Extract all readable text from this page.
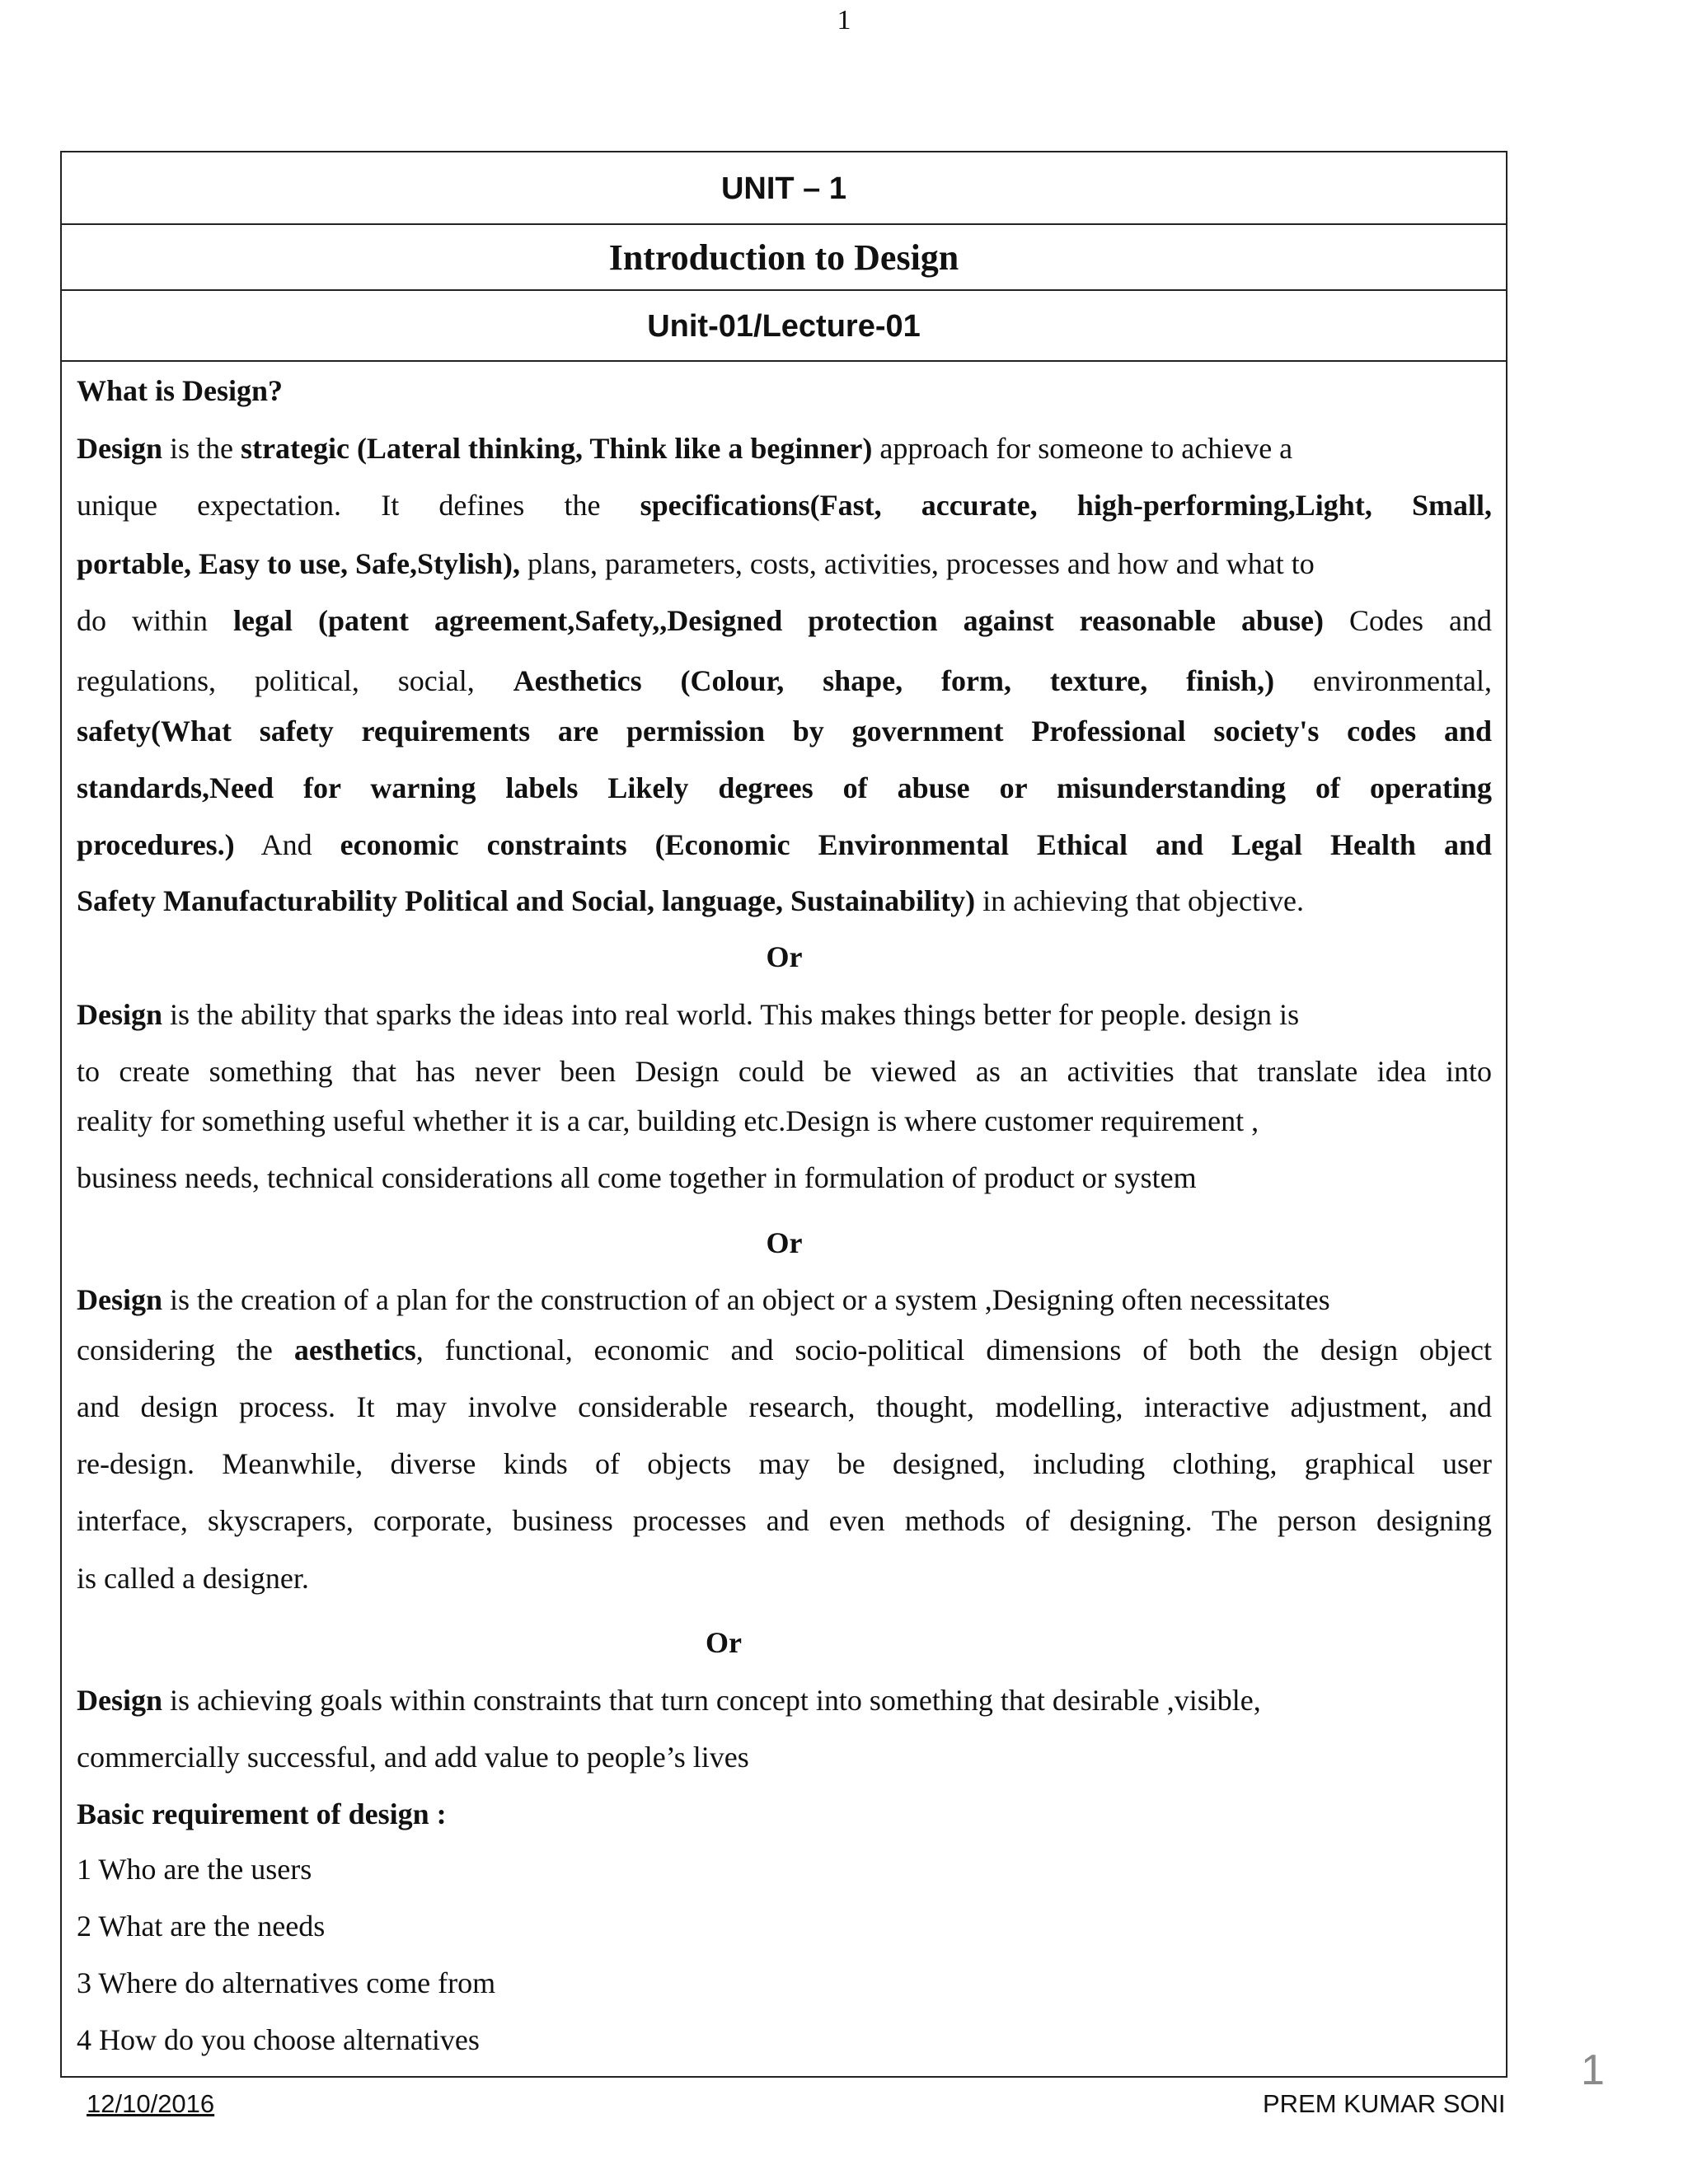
1
UNIT – 1
Introduction to Design
Unit-01/Lecture-01
What is Design?
Design is the strategic (Lateral thinking, Think like a beginner) approach for someone to achieve a
unique expectation. It defines the specifications(Fast, accurate, high-performing,Light, Small,
portable, Easy to use, Safe,Stylish), plans, parameters, costs, activities, processes and how and what to
do within legal (patent agreement,Safety,,Designed protection against reasonable abuse) Codes and
regulations, political, social, Aesthetics (Colour, shape, form, texture, finish,) environmental,
safety(What safety requirements are permission by government Professional society's codes and
standards,Need for warning labels Likely degrees of abuse or misunderstanding of operating
procedures.) And economic constraints (Economic Environmental Ethical and Legal Health and
Safety Manufacturability Political and Social, language, Sustainability) in achieving that objective.
Or
Design is the ability that sparks the ideas into real world. This makes things better for people. design is
to create something that has never been Design could be viewed as an activities that translate idea into
reality for something useful whether it is a car, building etc.Design is where customer requirement ,
business needs, technical considerations all come together in formulation of product or system
Or
Design is the creation of a plan for the construction of an object or a system ,Designing often necessitates
considering the aesthetics, functional, economic and socio-political dimensions of both the design object
and design process. It may involve considerable research, thought, modelling, interactive adjustment, and
re-design. Meanwhile, diverse kinds of objects may be designed, including clothing, graphical user
interface, skyscrapers, corporate, business processes and even methods of designing. The person designing
is called a designer.
Or
Design is achieving goals within constraints that turn concept into something that desirable ,visible,
commercially successful, and add value to people’s lives
Basic requirement of design :
1 Who are the users
2 What are the needs
3 Where do alternatives come from
4 How do you choose alternatives
1
12/10/2016	PREM KUMAR SONI
